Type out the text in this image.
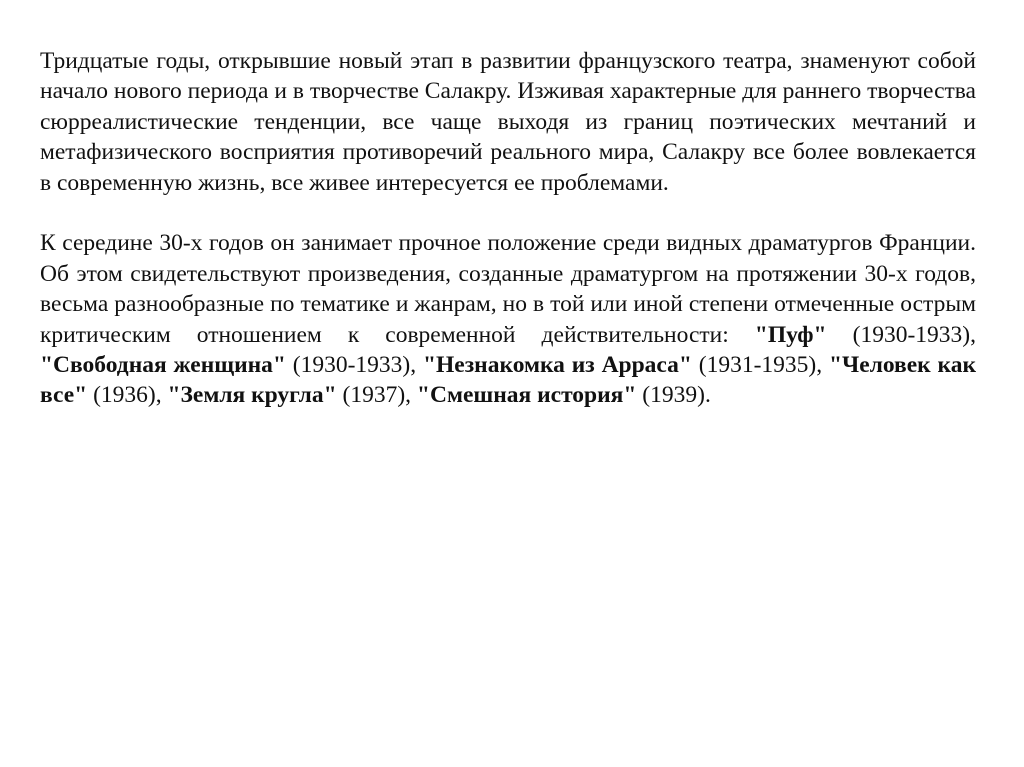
Тридцатые годы, открывшие новый этап в развитии французского театра, знаменуют собой начало нового периода и в творчестве Салакру. Изживая характерные для раннего творчества сюрреалистические тенденции, все чаще выходя из границ поэтических мечтаний и метафизического восприятия противоречий реального мира, Салакру все более вовлекается в современную жизнь, все живее интересуется ее проблемами.

К середине 30-х годов он занимает прочное положение среди видных драматургов Франции. Об этом свидетельствуют произведения, созданные драматургом на протяжении 30-х годов, весьма разнообразные по тематике и жанрам, но в той или иной степени отмеченные острым критическим отношением к современной действительности: "Пуф" (1930-1933), "Свободная женщина" (1930-1933), "Незнакомка из Арраса" (1931-1935), "Человек как все" (1936), "Земля кругла" (1937), "Смешная история" (1939).
